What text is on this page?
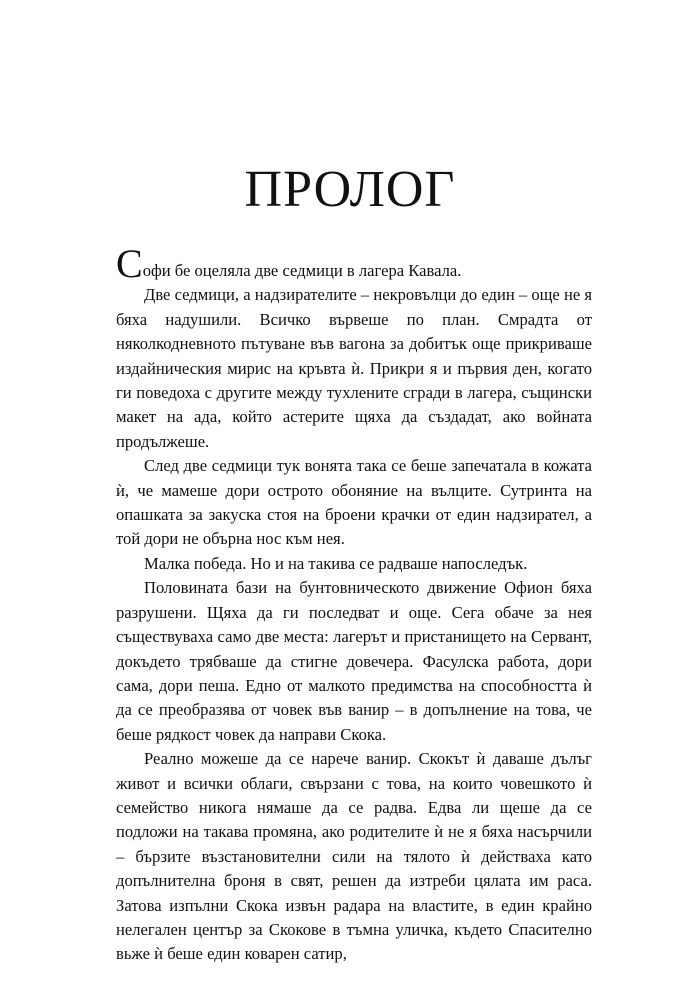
ПРОЛОГ

Софи бе оцеляла две седмици в лагера Кавала.

Две седмици, а надзирателите – некровълци до един – още не я бяха надушили. Всичко вървеше по план. Смрадта от няколкодневното пътуване във вагона за добитък още прикриваше издайническия мирис на кръвта ѝ. Прикри я и първия ден, когато ги поведоха с другите между тухлените сгради в лагера, същински макет на ада, който астерите щяха да създадат, ако войната продължеше.

След две седмици тук вонята така се беше запечатала в кожата ѝ, че мамеше дори острото обоняние на вълците. Сутринта на опашката за закуска стоя на броени крачки от един надзирател, а той дори не обърна нос към нея.

Малка победа. Но и на такива се радваше напоследък.

Половината бази на бунтовническото движение Офион бяха разрушени. Щяха да ги последват и още. Сега обаче за нея съществуваха само две места: лагерът и пристанището на Сервант, докъдето трябваше да стигне довечера. Фасулска работа, дори сама, дори пеша. Едно от малкото предимства на способността ѝ да се преобразява от човек във ванир – в допълнение на това, че беше рядкост човек да направи Скока.

Реално можеше да се нарече ванир. Скокът ѝ даваше дълъг живот и всички облаги, свързани с това, на които човешкото ѝ семейство никога нямаше да се радва. Едва ли щеше да се подложи на такава промяна, ако родителите ѝ не я бяха насърчили – бързите възстановителни сили на тялото ѝ действаха като допълнителна броня в свят, решен да изтреби цялата им раса. Затова изпълни Скока извън радара на властите, в един крайно нелегален център за Скокове в тъмна уличка, където Спасително вьже ѝ беше един коварен сатир,
